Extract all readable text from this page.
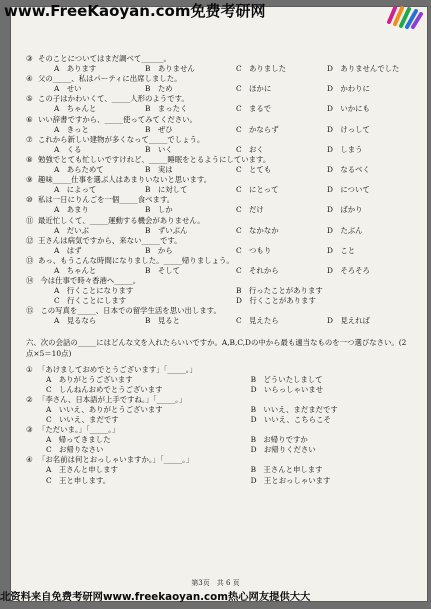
www.FreeKaoyan.com免费考研网
③ そのことについてはまだ調べて______。
A　あります	B　ありません	C　ありました	D　ありませんでした
④ 父の_____、私はパーティに出席しました。
A　せい	B　ため	C　ほかに	D　かわりに
⑤ この子はかわいくて、_____人形のようです。
A　ちゃんと	B　まったく	C　まるで	D　いかにも
⑥ いい辞書ですから、_____使ってみてください。
A　きっと	B　ぜひ	C　かならず	D　けっして
⑦ これから新しい建物が多くなって_____でしょう。
A　くる	B　いく	C　おく	D　しまう
⑧ 勉強でとても忙しいですけれど、_____睡眠をとるようにしています。
A　あらためて	B　実は	C　とても	D　なるべく
⑨ 趣味_____仕事を選ぶ人はあまりいないと思います。
A　によって	B　に対して	C　にとって	D　について
⑩ 私は一日にりんごを一個_____食べます。
A　あまり	B　しか	C　だけ	D　ばかり
⑪ 最近忙しくて、_____運動する機会がありません。
A　だいぶ	B　ずいぶん	C　なかなか	D　たぶん
⑫ 王さんは病気ですから、来ない_____です。
A　はず	B　から	C　つもり	D　こと
⑬ あっ、もうこんな時間になりました。_____帰りましょう。
A　ちゃんと	B　そして	C　それから	D　そろそろ
⑭ 今は仕事で時々香港へ_____。
A　行くことになります	B　行ったことがあります
C　行くことにします	D　行くことがあります
⑮ この写真を_____、日本での留学生活を思い出します。
A　見るなら	B　見ると	C　見えたら	D　見えれば
六、次の会話の_____にはどんな文を入れたらいいですか。A,B,C,Dの中から最も適当なものを一つ選びなさい。(2点×5＝10点)
① 「あけましておめでとうございます」「_____。」
A　ありがとうございます	B　どういたしまして
C　しんねんおめでとうございます	D　いらっしゃいませ
② 「李さん、日本語が上手ですね。」「_____。」
A　いいえ、ありがとうございます	B　いいえ、まだまだです
C　いいえ、まだです	D　いいえ、こちらこそ
③ 「ただいま。」「_____。」
A　帰ってきました	B　お帰りですか
C　お帰りなさい	D　お帰りください
④ 「お名前は何とおっしゃいますか。」「_____。」
A　王さんと申します	B　王さんと申します
C　王と申します。	D　王とおっしゃいます
第3页　共 6 页
北资料来自免费考研网www.freekaoyan.com热心网友提供大大
